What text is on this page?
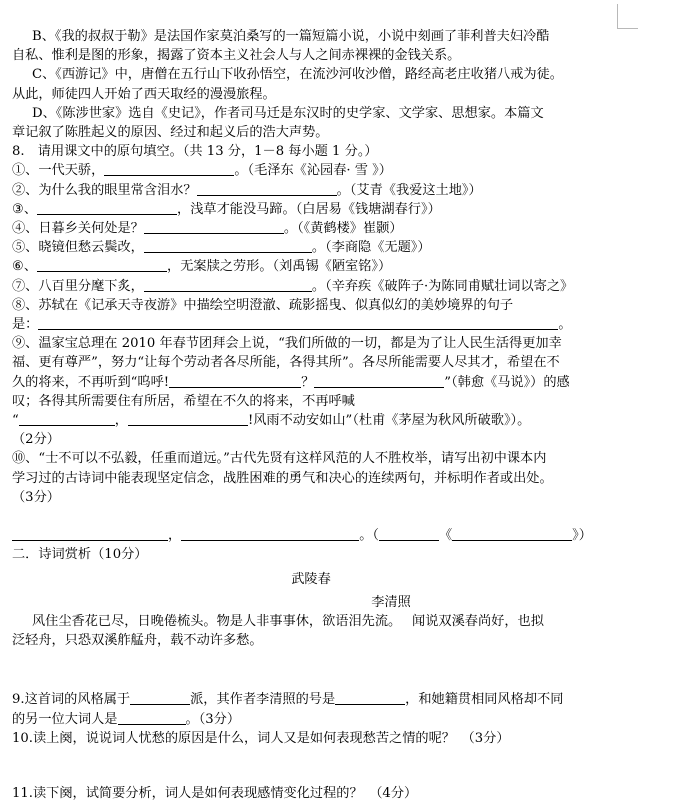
B、《我的叔叔于勒》是法国作家莫泊桑写的一篇短篇小说，小说中刻画了菲利普夫妇冷酷

自私、惟利是图的形象，揭露了资本主义社会人与人之间赤裸裸的金钱关系。

C、《西游记》中，唐僧在五行山下收孙悟空，在流沙河收沙僧，路经高老庄收猪八戒为徒。

从此，师徒四人开始了西天取经的漫漫旅程。

D、《陈涉世家》选自《史记》，作者司马迁是东汉时的史学家、文学家、思想家。本篇文

章记叙了陈胜起义的原因、经过和起义后的浩大声势。

8.　请用课文中的原句填空。（共 13 分，1－8 每小题 1 分。）

①、一代天骄，	。（毛泽东《沁园春· 雪 》）

②、为什么我的眼里常含泪水？	。（艾青《我爱这土地》）

③、	，浅草才能没马蹄。（白居易《钱塘湖春行》）

④、日暮乡关何处是？	。（《黄鹤楼》崔颢）

⑤、晓镜但愁云鬓改，	。（李商隐《无题》）

⑥、	，无案牍之劳形。（刘禹锡《陋室铭》）

⑦、八百里分麾下炙，	。（辛弃疾《破阵子·为陈同甫赋壮词以寄之》

⑧、苏轼在《记承天寺夜游》中描绘空明澄澈、疏影摇曳、似真似幻的美妙境界的句子

是：	。

⑨、温家宝总理在 2010 年春节团拜会上说，“我们所做的一切，都是为了让人民生活得更加幸

福、更有尊严”，努力“让每个劳动者各尽所能，各得其所”。各尽所能需要人尽其才，希望在不

久的将来，不再听到“呜呼!	？	”（韩愈《马说》）的感

叹；各得其所需要住有所居，希望在不久的将来，不再呼喊

“	，	!风雨不动安如山”（杜甫《茅屋为秋风所破歌》）。

（2分）

⑩、“士不可以不弘毅，任重而道远。”古代先贤有这样风范的人不胜枚举，请写出初中课本内

学习过的古诗词中能表现坚定信念，战胜困难的勇气和决心的连续两句，并标明作者或出处。

（3分）

，	。（	《	》）

二．诗词赏析（10分）

武陵春

李清照

风住尘香花已尽，日晚倦梳头。物是人非事事休，欲语泪先流。　 闻说双溪春尚好，也拟

泛轻舟，只恐双溪舴艋舟，载不动许多愁。

9.这首词的风格属于	派，其作者李清照的号是	，和她籍贯相同风格却不同

的另一位大词人是	。（3分）

10.读上阕，说说词人忧愁的原因是什么，词人又是如何表现愁苦之情的呢？　（3分）

11.读下阕，试简要分析，词人是如何表现感情变化过程的？　（4分）
